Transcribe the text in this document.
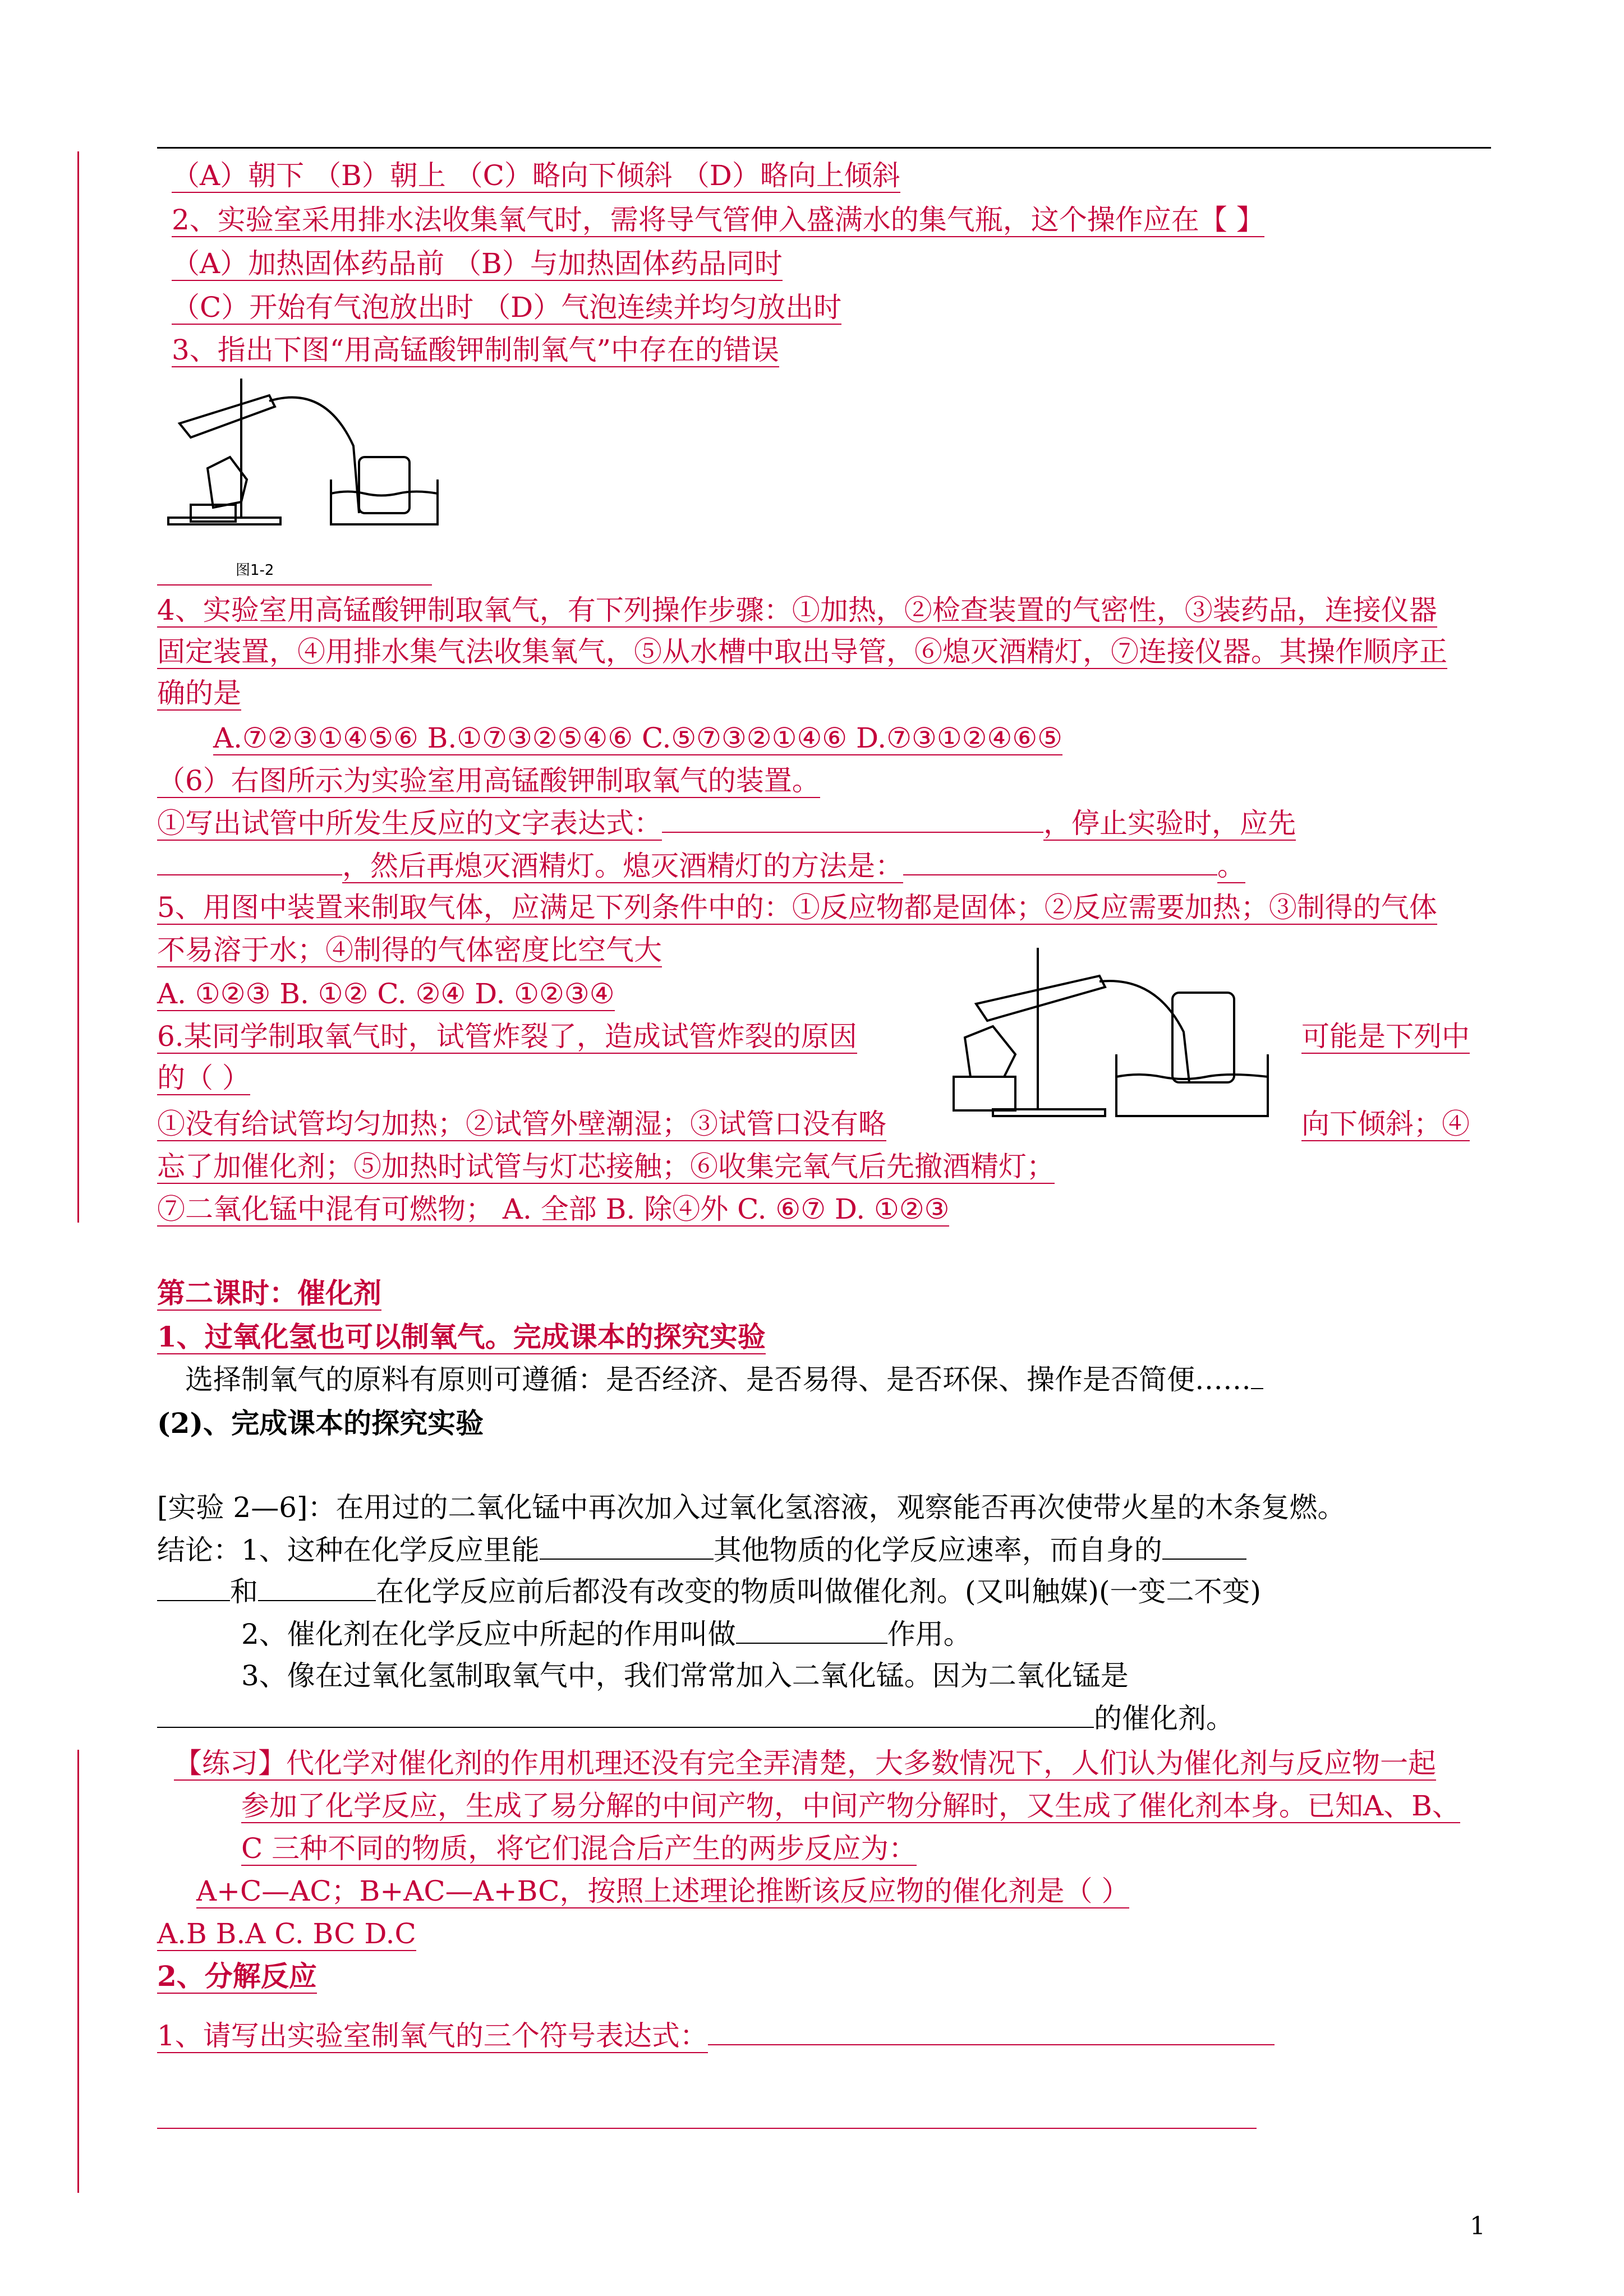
（A）朝下 （B）朝上 （C）略向下倾斜 （D）略向上倾斜
2、实验室采用排水法收集氧气时，需将导气管伸入盛满水的集气瓶，这个操作应在【 】
（A）加热固体药品前 （B）与加热固体药品同时
（C）开始有气泡放出时 （D）气泡连续并均匀放出时
3、指出下图“用高锰酸钾制制氧气”中存在的错误
图1-2
4、实验室用高锰酸钾制取氧气，有下列操作步骤：①加热，②检查装置的气密性，③装药品，连接仪器
固定装置，④用排水集气法收集氧气，⑤从水槽中取出导管，⑥熄灭酒精灯，⑦连接仪器。其操作顺序正
确的是
A.⑦②③①④⑤⑥ B.①⑦③②⑤④⑥ C.⑤⑦③②①④⑥ D.⑦③①②④⑥⑤
（6）右图所示为实验室用高锰酸钾制取氧气的装置。
①写出试管中所发生反应的文字表达式：	，停止实验时，应先
，然后再熄灭酒精灯。熄灭酒精灯的方法是：	。
5、用图中装置来制取气体，应满足下列条件中的：①反应物都是固体；②反应需要加热；③制得的气体
不易溶于水；④制得的气体密度比空气大
A. ①②③ B. ①② C. ②④ D. ①②③④
6.某同学制取氧气时，试管炸裂了，造成试管炸裂的原因	可能是下列中
的（ ）
①没有给试管均匀加热；②试管外壁潮湿；③试管口没有略	向下倾斜；④
忘了加催化剂；⑤加热时试管与灯芯接触；⑥收集完氧气后先撤酒精灯；
⑦二氧化锰中混有可燃物； A. 全部 B. 除④外 C. ⑥⑦ D. ①②③
第二课时：催化剂
1、过氧化氢也可以制氧气。完成课本的探究实验
选择制氧气的原料有原则可遵循：是否经济、是否易得、是否环保、操作是否简便……
(2)、完成课本的探究实验
[实验 2—6]：在用过的二氧化锰中再次加入过氧化氢溶液，观察能否再次使带火星的木条复燃。
结论：1、这种在化学反应里能	其他物质的化学反应速率，而自身的
和	在化学反应前后都没有改变的物质叫做催化剂。(又叫触媒)(一变二不变)
2、催化剂在化学反应中所起的作用叫做	作用。
3、像在过氧化氢制取氧气中，我们常常加入二氧化锰。因为二氧化锰是
的催化剂。
【练习】代化学对催化剂的作用机理还没有完全弄清楚，大多数情况下，人们认为催化剂与反应物一起
参加了化学反应，生成了易分解的中间产物，中间产物分解时，又生成了催化剂本身。已知A、B、
C 三种不同的物质，将它们混合后产生的两步反应为：
A+C—AC；B+AC—A+BC，按照上述理论推断该反应物的催化剂是（ ）
A.B B.A C. BC D.C
2、分解反应
1、请写出实验室制氧气的三个符号表达式：
1
